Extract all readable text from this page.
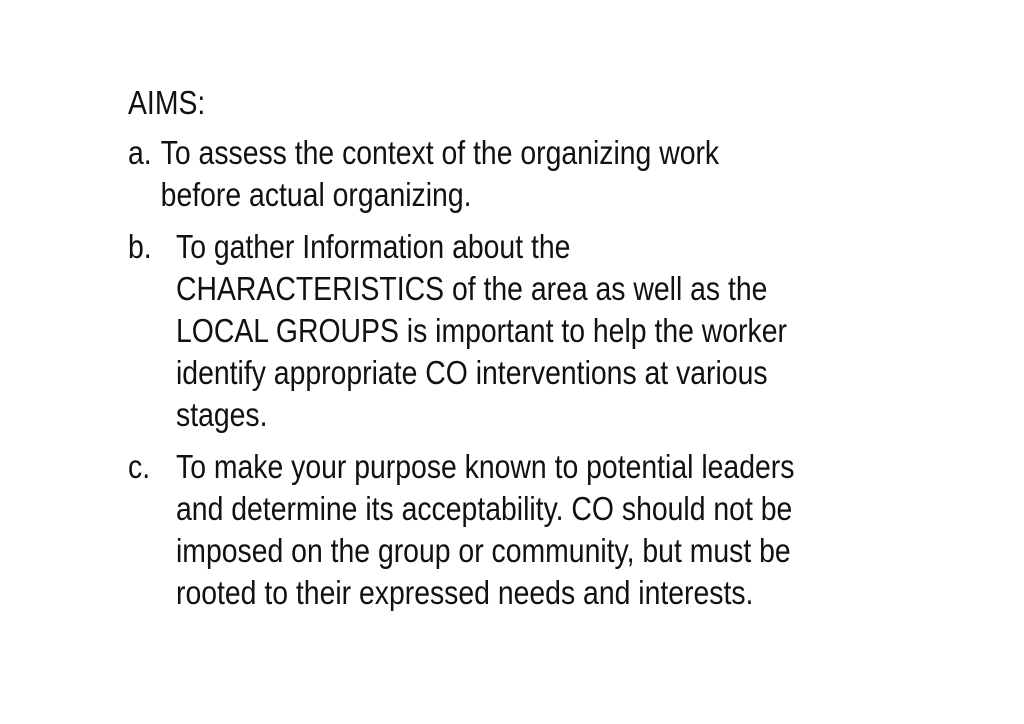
AIMS:
a. To assess the context of the organizing work
before actual organizing.
b. To gather Information about the
CHARACTERISTICS of the area as well as the
LOCAL GROUPS is important to help the worker
identify appropriate CO interventions at various
stages.
c. To make your purpose known to potential leaders
and determine its acceptability. CO should not be
imposed on the group or community, but must be
rooted to their expressed needs and interests.
